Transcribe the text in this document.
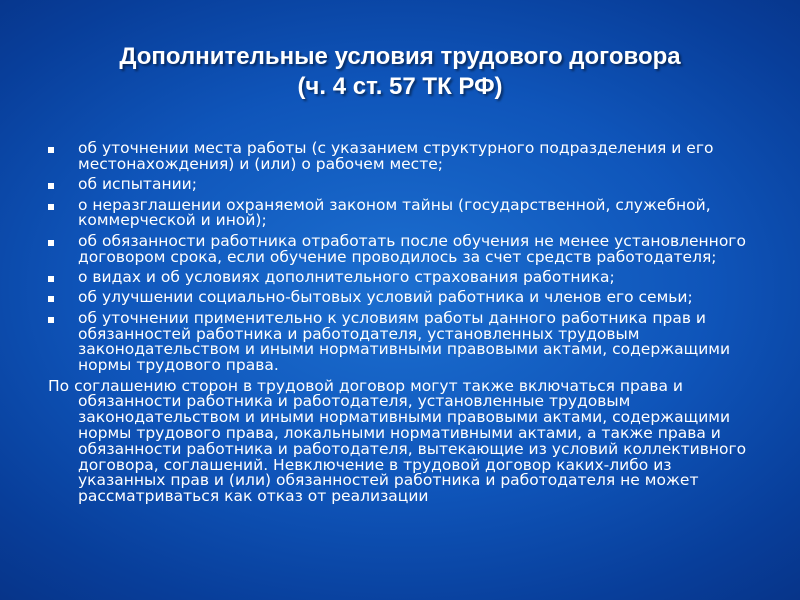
Дополнительные условия трудового договора
(ч. 4 ст. 57 ТК РФ)
об уточнении места работы (с указанием структурного подразделения и его местонахождения) и (или) о рабочем месте;
об испытании;
о неразглашении охраняемой законом тайны (государственной, служебной, коммерческой и иной);
об обязанности работника отработать после обучения не менее установленного договором срока, если обучение проводилось за счет средств работодателя;
о видах и об условиях дополнительного страхования работника;
об улучшении социально-бытовых условий работника и членов его семьи;
об уточнении применительно к условиям работы данного работника прав и обязанностей работника и работодателя, установленных трудовым законодательством и иными нормативными правовыми актами, содержащими нормы трудового права.

По соглашению сторон в трудовой договор могут также включаться права и обязанности работника и работодателя, установленные трудовым законодательством и иными нормативными правовыми актами, содержащими нормы трудового права, локальными нормативными актами, а также права и обязанности работника и работодателя, вытекающие из условий коллективного договора, соглашений. Невключение в трудовой договор каких-либо из указанных прав и (или) обязанностей работника и работодателя не может рассматриваться как отказ от реализации
